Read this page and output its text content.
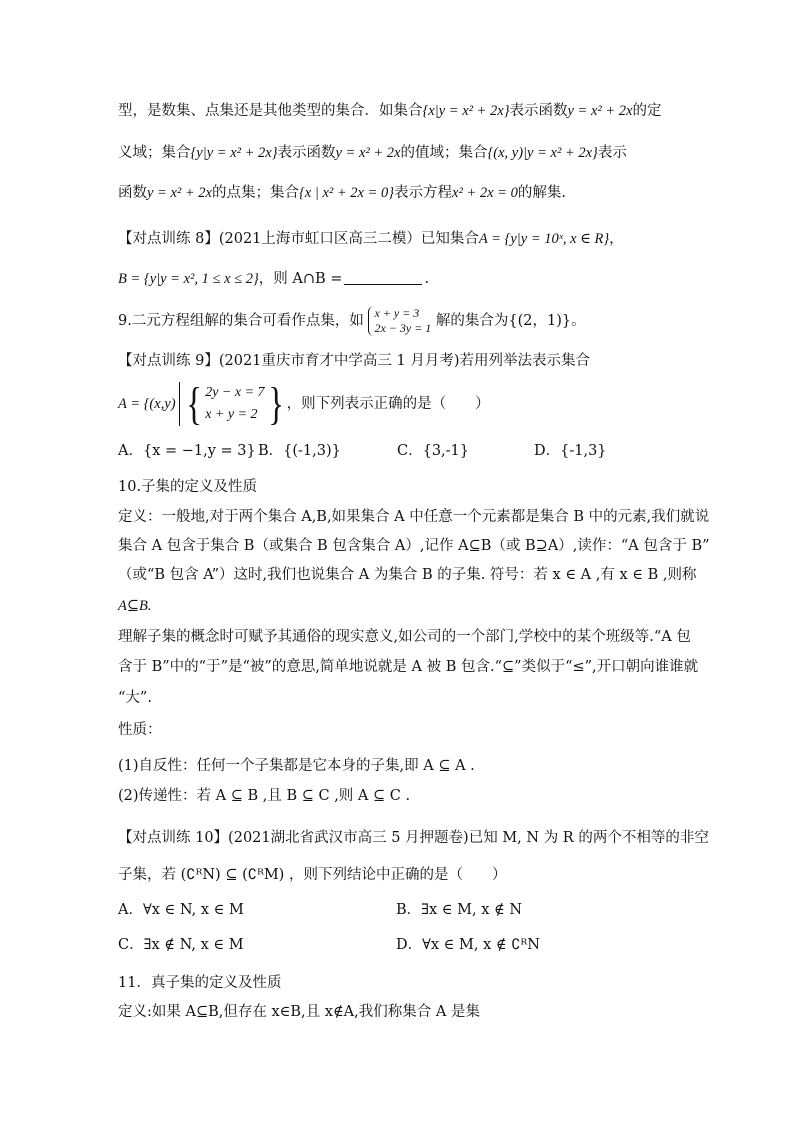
型，是数集、点集还是其他类型的集合．如集合{x|y = x² + 2x}表示函数y = x² + 2x的定
义域；集合{y|y = x² + 2x}表示函数y = x² + 2x的值域；集合{(x, y)|y = x² + 2x}表示
函数y = x² + 2x的点集；集合{x | x² + 2x = 0}表示方程x² + 2x = 0的解集.
【对点训练 8】(2021上海市虹口区高三二模）已知集合A = {y|y = 10ˣ, x ∈ R}，
B = {y|y = x², 1 ≤ x ≤ 2}，则 A∩B =	.
9.二元方程组解的集合可看作点集，如 x + y = 3
2x − 3y = 1 解的集合为{(2，1)}。
【对点训练 9】(2021重庆市育才中学高三 1 月月考)若用列举法表示集合
A = {(x,y) { 2y − x = 7
x + y = 2 } ，则下列表示正确的是（　　）
A．{x = −1,y = 3} B．{(-1,3)}	C．{3,-1}	D．{-1,3}
10.子集的定义及性质
定义：一般地,对于两个集合 A,B,如果集合 A 中任意一个元素都是集合 B 中的元素,我们就说
集合 A 包含于集合 B（或集合 B 包含集合 A）,记作 A⊆B（或 B⊇A）,读作：“A 包含于 B”
（或“B 包含 A”）这时,我们也说集合 A 为集合 B 的子集. 符号：若 x ∈ A ,有 x ∈ B ,则称
A⊆B.
理解子集的概念时可赋予其通俗的现实意义,如公司的一个部门,学校中的某个班级等.“A 包
含于 B”中的“于”是“被”的意思,简单地说就是 A 被 B 包含.“⊆”类似于“≤”,开口朝向谁谁就
“大”.
性质：
(1)自反性：任何一个子集都是它本身的子集,即 A ⊆ A .
(2)传递性：若 A ⊆ B ,且 B ⊆ C ,则 A ⊆ C .
【对点训练 10】(2021湖北省武汉市高三 5 月押题卷)已知 M, N 为 R 的两个不相等的非空
子集，若 (∁ᴿN) ⊆ (∁ᴿM) ，则下列结论中正确的是（　　）
A．∀x ∈ N, x ∈ M	B．∃x ∈ M, x ∉ N
C．∃x ∉ N, x ∈ M	D．∀x ∈ M, x ∉ ∁ᴿN
11．真子集的定义及性质
定义:如果 A⊆B,但存在 x∈B,且 x∉A,我们称集合 A 是集
